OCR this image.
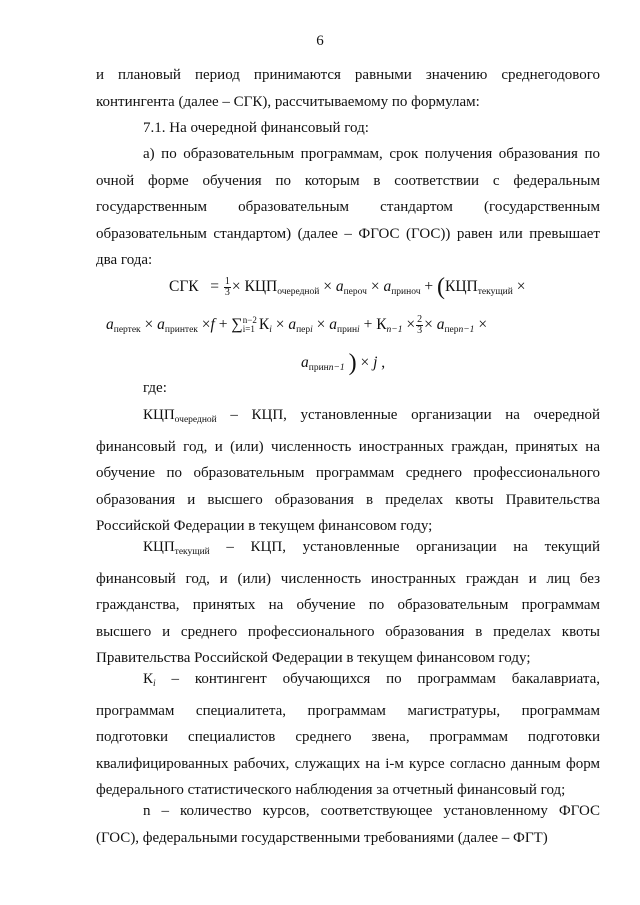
6
и плановый период принимаются равными значению среднегодового контингента (далее – СГК), рассчитываемому по формулам:
7.1. На очередной финансовый год:
а) по образовательным программам, срок получения образования по очной форме обучения по которым в соответствии с федеральным государственным образовательным стандартом (государственным образовательным стандартом) (далее – ФГОС (ГОС)) равен или превышает два года:
СГК = $\frac{1}{3} \times КЦП_{очередной} \times a_{пероч} \times a_{приноч} + (КЦП_{текущий}$ ×
$a_{пертек} \times a_{принтек} \times f$ + ∑ n−2
i=1 $К_i \times a_{перi} \times a_{принi} + К_{n-1} \times \frac{2}{3} \times a_{перn-1}$ ×
$a_{принn-1}$ ) × j ,
где:
$КЦП_{очередной}$ – КЦП, установленные организации на очередной финансовый год, и (или) численность иностранных граждан, принятых на обучение по образовательным программам среднего профессионального образования и высшего образования в пределах квоты Правительства Российской Федерации в текущем финансовом году;
$КЦП_{текущий}$ – КЦП, установленные организации на текущий финансовый год, и (или) численность иностранных граждан и лиц без гражданства, принятых на обучение по образовательным программам высшего и среднего профессионального образования в пределах квоты Правительства Российской Федерации в текущем финансовом году;
$К_i$ – контингент обучающихся по программам бакалавриата, программам специалитета, программам магистратуры, программам подготовки специалистов среднего звена, программам подготовки квалифицированных рабочих, служащих на i-м курсе согласно данным форм федерального статистического наблюдения за отчетный финансовый год;
n – количество курсов, соответствующее установленному ФГОС (ГОС), федеральными государственными требованиями (далее – ФГТ)
